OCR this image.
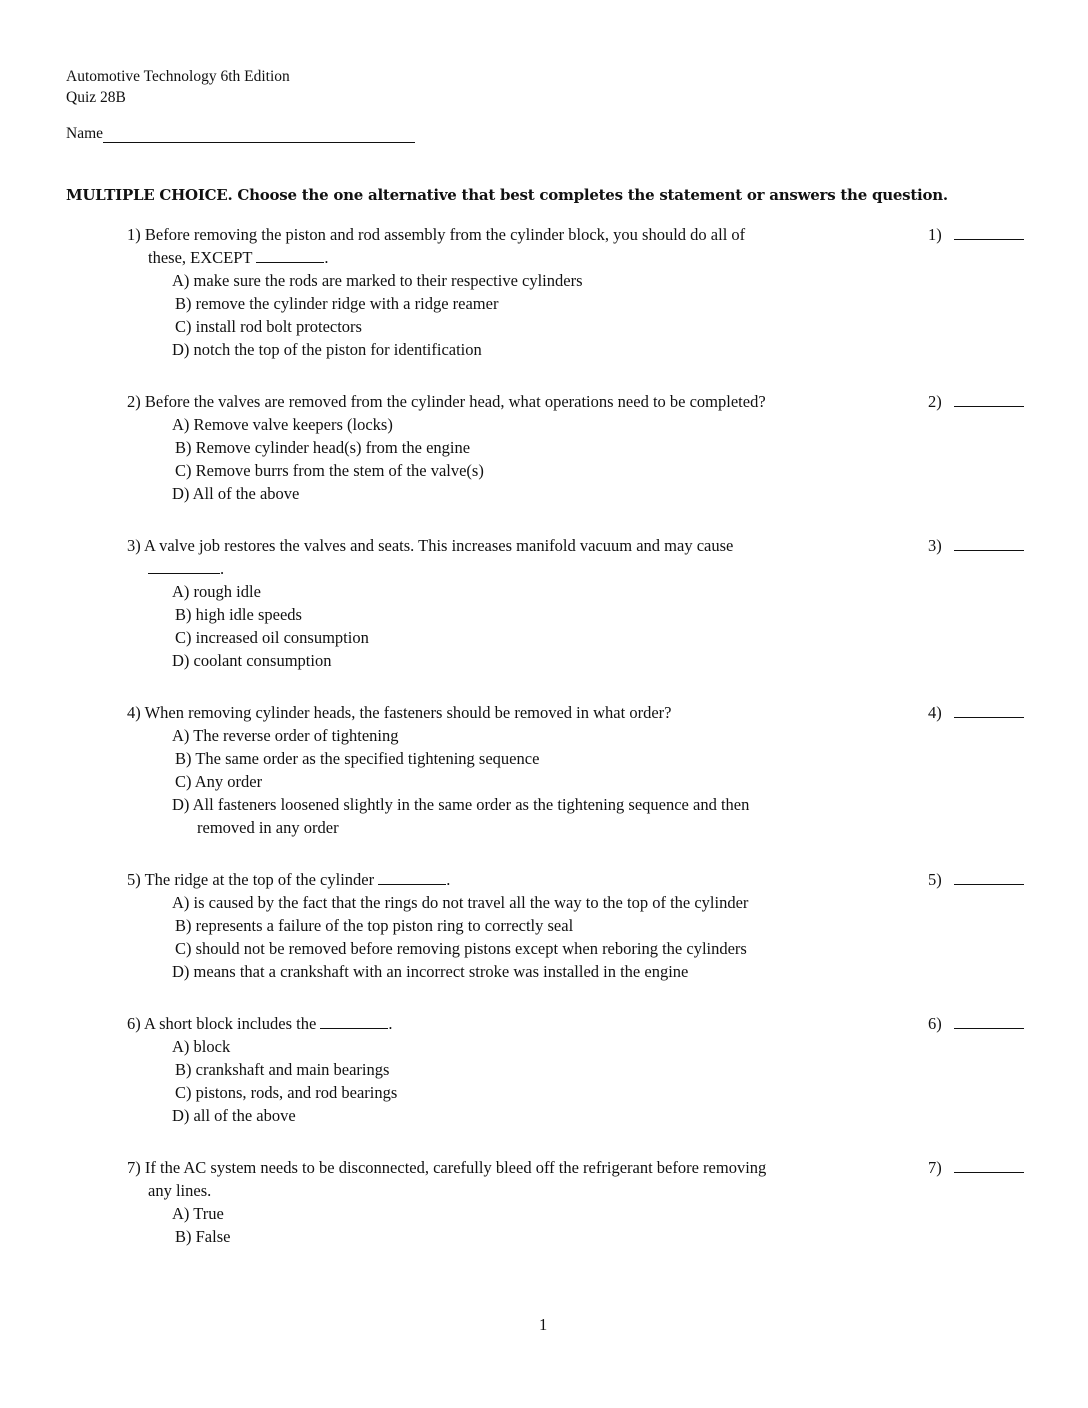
Automotive Technology 6th Edition
Quiz 28B
Name
MULTIPLE CHOICE. Choose the one alternative that best completes the statement or answers the question.
1) Before removing the piston and rod assembly from the cylinder block, you should do all of
these, EXCEPT	.
A) make sure the rods are marked to their respective cylinders
B) remove the cylinder ridge with a ridge reamer
C) install rod bolt protectors
D) notch the top of the piston for identification
1)
2) Before the valves are removed from the cylinder head, what operations need to be completed?
A) Remove valve keepers (locks)
B) Remove cylinder head(s) from the engine
C) Remove burrs from the stem of the valve(s)
D) All of the above
2)
3) A valve job restores the valves and seats. This increases manifold vacuum and may cause
.
A) rough idle
B) high idle speeds
C) increased oil consumption
D) coolant consumption
3)
4) When removing cylinder heads, the fasteners should be removed in what order?
A) The reverse order of tightening
B) The same order as the specified tightening sequence
C) Any order
D) All fasteners loosened slightly in the same order as the tightening sequence and then
removed in any order
4)
5) The ridge at the top of the cylinder	.
A) is caused by the fact that the rings do not travel all the way to the top of the cylinder
B) represents a failure of the top piston ring to correctly seal
C) should not be removed before removing pistons except when reboring the cylinders
D) means that a crankshaft with an incorrect stroke was installed in the engine
5)
6) A short block includes the	.
A) block
B) crankshaft and main bearings
C) pistons, rods, and rod bearings
D) all of the above
6)
7) If the AC system needs to be disconnected, carefully bleed off the refrigerant before removing
any lines.
A) True
B) False
7)
1
